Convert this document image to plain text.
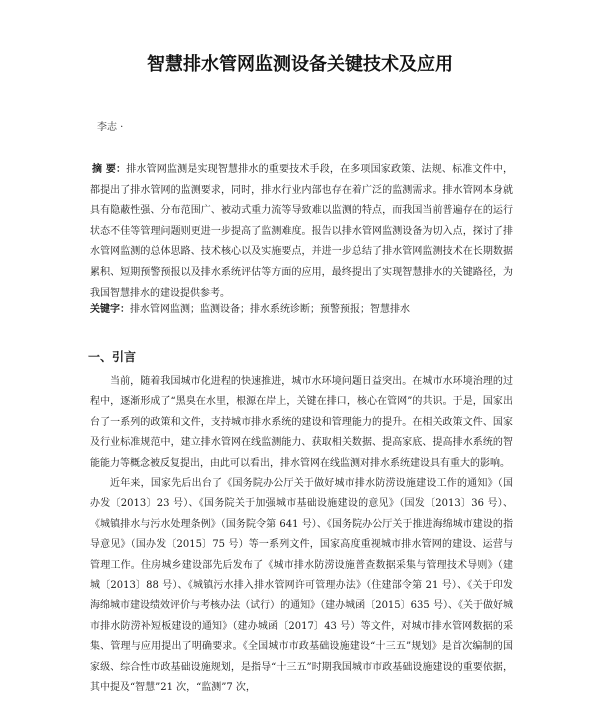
智慧排水管网监测设备关键技术及应用
李志 ·
摘 要：排水管网监测是实现智慧排水的重要技术手段，在多项国家政策、法规、标准文件中，都提出了排水管网的监测要求，同时，排水行业内部也存在着广泛的监测需求。排水管网本身就具有隐蔽性强、分布范围广、被动式重力流等导致难以监测的特点，而我国当前普遍存在的运行状态不佳等管理问题则更进一步提高了监测难度。报告以排水管网监测设备为切入点，探讨了排水管网监测的总体思路、技术核心以及实施要点，并进一步总结了排水管网监测技术在长期数据累积、短期预警预报以及排水系统评估等方面的应用，最终提出了实现智慧排水的关键路径，为我国智慧排水的建设提供参考。
关键字：排水管网监测；监测设备；排水系统诊断；预警预报；智慧排水
一、引言

当前，随着我国城市化进程的快速推进，城市水环境问题日益突出。在城市水环境治理的过程中，逐渐形成了“黑臭在水里，根源在岸上，关键在排口，核心在管网”的共识。于是，国家出台了一系列的政策和文件，支持城市排水系统的建设和管理能力的提升。在相关政策文件、国家及行业标准规范中，建立排水管网在线监测能力、获取相关数据、提高家底、提高排水系统的智能能力等概念被反复提出，由此可以看出，排水管网在线监测对排水系统建设具有重大的影响。

近年来，国家先后出台了《国务院办公厅关于做好城市排水防涝设施建设工作的通知》（国办发〔2013〕23 号）、《国务院关于加强城市基础设施建设的意见》（国发〔2013〕36 号）、《城镇排水与污水处理条例》（国务院令第 641 号）、《国务院办公厅关于推进海绵城市建设的指导意见》（国办发〔2015〕75 号）等一系列文件，国家高度重视城市排水管网的建设、运营与管理工作。住房城乡建设部先后发布了《城市排水防涝设施普查数据采集与管理技术导则》（建城〔2013〕88 号）、《城镇污水排入排水管网许可管理办法》（住建部令第 21 号）、《关于印发海绵城市建设绩效评价与考核办法（试行）的通知》（建办城函〔2015〕635 号）、《关于做好城市排水防涝补短板建设的通知》（建办城函〔2017〕43 号）等文件，对城市排水管网数据的采集、管理与应用提出了明确要求。《全国城市市政基础设施建设“十三五”规划》是首次编制的国家级、综合性市政基础设施规划，是指导“十三五”时期我国城市市政基础设施建设的重要依据，其中提及“智慧”21 次，“监测”7 次，
